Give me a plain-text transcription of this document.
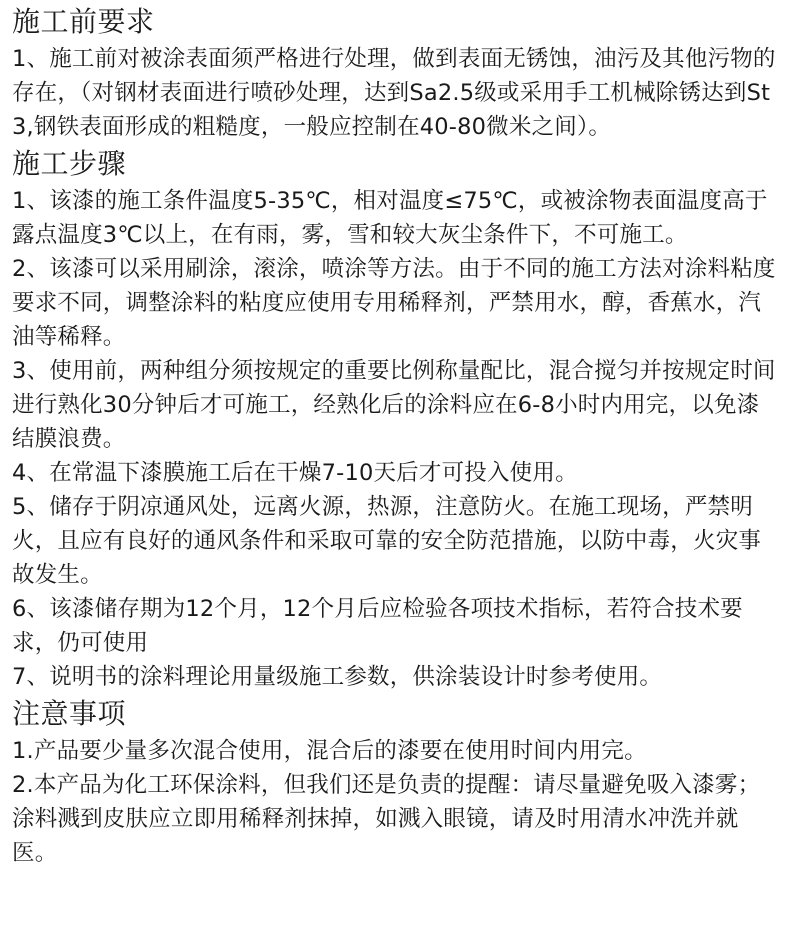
施工前要求

1、施工前对被涂表面须严格进行处理，做到表面无锈蚀，油污及其他污物的存在，（对钢材表面进行喷砂处理，达到Sa2.5级或采用手工机械除锈达到St3,钢铁表面形成的粗糙度，一般应控制在40-80微米之间）。

施工步骤

1、该漆的施工条件温度5-35℃，相对温度≤75℃，或被涂物表面温度高于露点温度3℃以上，在有雨，雾，雪和较大灰尘条件下，不可施工。

2、该漆可以采用刷涂，滚涂，喷涂等方法。由于不同的施工方法对涂料粘度要求不同，调整涂料的粘度应使用专用稀释剂，严禁用水，醇，香蕉水，汽油等稀释。

3、使用前，两种组分须按规定的重要比例称量配比，混合搅匀并按规定时间进行熟化30分钟后才可施工，经熟化后的涂料应在6-8小时内用完，以免漆结膜浪费。

4、在常温下漆膜施工后在干燥7-10天后才可投入使用。

5、储存于阴凉通风处，远离火源，热源，注意防火。在施工现场，严禁明火，且应有良好的通风条件和采取可靠的安全防范措施，以防中毒，火灾事故发生。

6、该漆储存期为12个月，12个月后应检验各项技术指标，若符合技术要求，仍可使用

7、说明书的涂料理论用量级施工参数，供涂装设计时参考使用。

注意事项

1.产品要少量多次混合使用，混合后的漆要在使用时间内用完。

2.本产品为化工环保涂料，但我们还是负责的提醒：请尽量避免吸入漆雾；涂料溅到皮肤应立即用稀释剂抹掉，如溅入眼镜，请及时用清水冲洗并就医。
